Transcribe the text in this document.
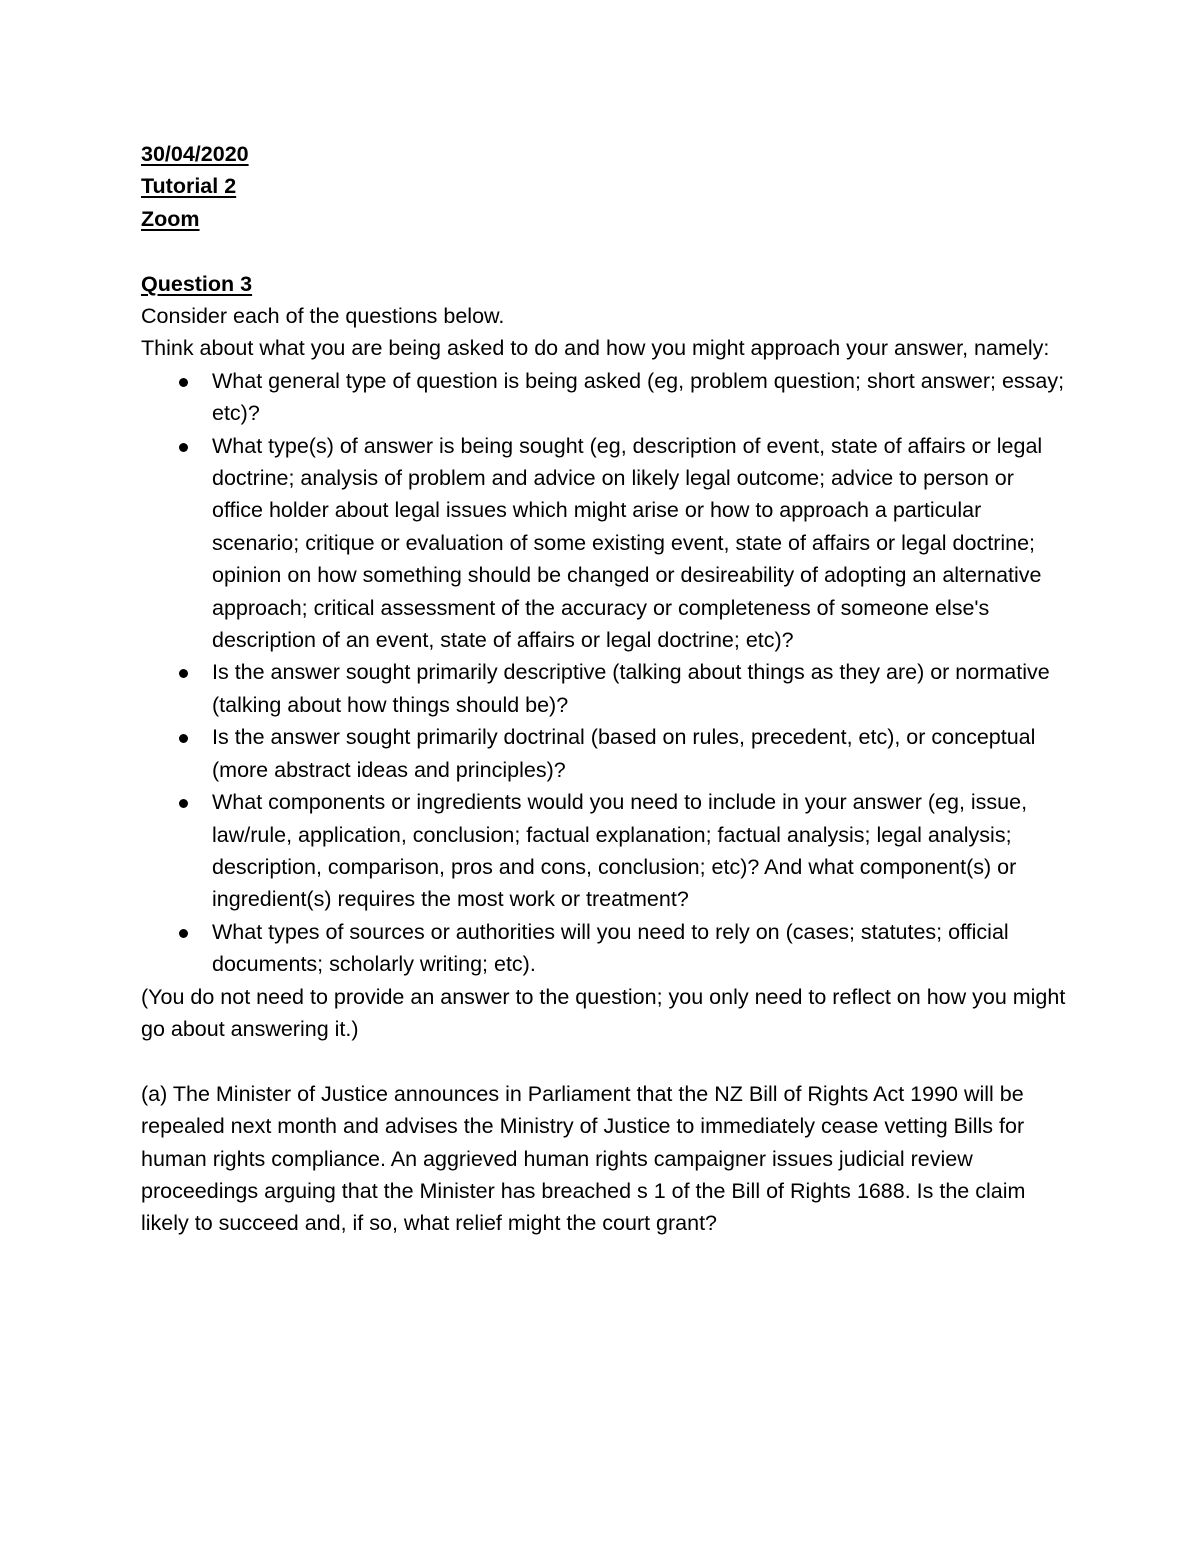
30/04/2020
Tutorial 2
Zoom
Question 3

Consider each of the questions below.

Think about what you are being asked to do and how you might approach your answer, namely:

What general type of question is being asked (eg, problem question; short answer; essay; etc)?
What type(s) of answer is being sought (eg, description of event, state of affairs or legal doctrine; analysis of problem and advice on likely legal outcome; advice to person or office holder about legal issues which might arise or how to approach a particular scenario; critique or evaluation of some existing event, state of affairs or legal doctrine; opinion on how something should be changed or desireability of adopting an alternative approach; critical assessment of the accuracy or completeness of someone else's description of an event, state of affairs or legal doctrine; etc)?
Is the answer sought primarily descriptive (talking about things as they are) or normative (talking about how things should be)?
Is the answer sought primarily doctrinal (based on rules, precedent, etc), or conceptual (more abstract ideas and principles)?
What components or ingredients would you need to include in your answer (eg, issue, law/rule, application, conclusion; factual explanation; factual analysis; legal analysis; description, comparison, pros and cons, conclusion; etc)? And what component(s) or ingredient(s) requires the most work or treatment?
What types of sources or authorities will you need to rely on (cases; statutes; official documents; scholarly writing; etc).

(You do not need to provide an answer to the question; you only need to reflect on how you might go about answering it.)

(a) The Minister of Justice announces in Parliament that the NZ Bill of Rights Act 1990 will be repealed next month and advises the Ministry of Justice to immediately cease vetting Bills for human rights compliance. An aggrieved human rights campaigner issues judicial review proceedings arguing that the Minister has breached s 1 of the Bill of Rights 1688. Is the claim likely to succeed and, if so, what relief might the court grant?
